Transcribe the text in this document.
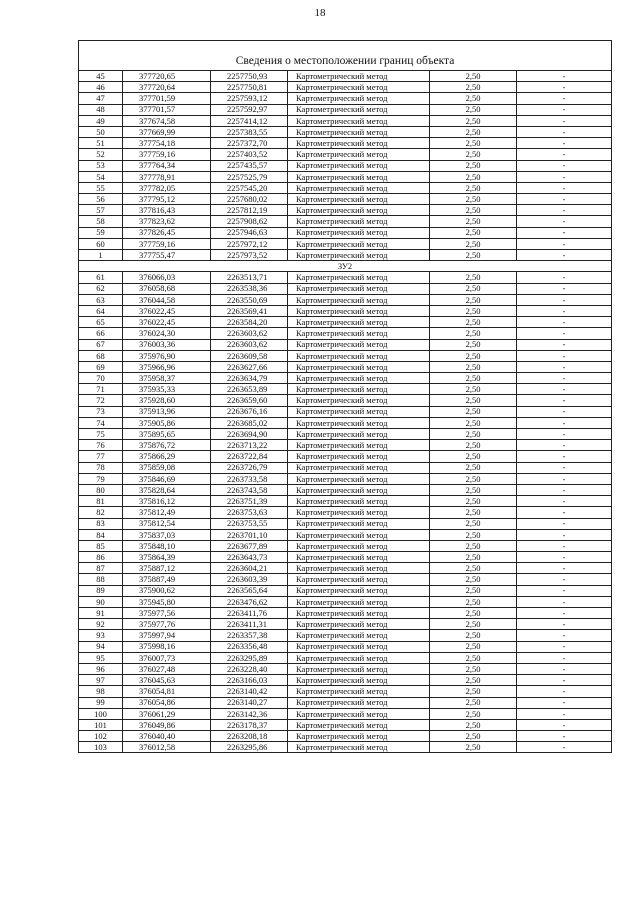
18

Сведения о местоположении границ объекта					
45	377720,65	2257750,93	Картометрический метод	2,50	-
46	377720,64	2257750,81	Картометрический метод	2,50	-
47	377701,59	2257593,12	Картометрический метод	2,50	-
48	377701,57	2257592,97	Картометрический метод	2,50	-
49	377674,58	2257414,12	Картометрический метод	2,50	-
50	377669,99	2257383,55	Картометрический метод	2,50	-
51	377754,18	2257372,70	Картометрический метод	2,50	-
52	377759,16	2257403,52	Картометрический метод	2,50	-
53	377764,34	2257435,57	Картометрический метод	2,50	-
54	377778,91	2257525,79	Картометрический метод	2,50	-
55	377782,05	2257545,20	Картометрический метод	2,50	-
56	377795,12	2257680,02	Картометрический метод	2,50	-
57	377816,43	2257812,19	Картометрический метод	2,50	-
58	377823,62	2257908,62	Картометрический метод	2,50	-
59	377826,45	2257946,63	Картометрический метод	2,50	-
60	377759,16	2257972,12	Картометрический метод	2,50	-
1	377755,47	2257973,52	Картометрический метод	2,50	-
ЗУ2					
61	376066,03	2263513,71	Картометрический метод	2,50	-
62	376058,68	2263538,36	Картометрический метод	2,50	-
63	376044,58	2263550,69	Картометрический метод	2,50	-
64	376022,45	2263569,41	Картометрический метод	2,50	-
65	376022,45	2263584,20	Картометрический метод	2,50	-
66	376024,30	2263603,62	Картометрический метод	2,50	-
67	376003,36	2263603,62	Картометрический метод	2,50	-
68	375976,90	2263609,58	Картометрический метод	2,50	-
69	375966,96	2263627,66	Картометрический метод	2,50	-
70	375958,37	2263634,79	Картометрический метод	2,50	-
71	375935,33	2263653,89	Картометрический метод	2,50	-
72	375928,60	2263659,60	Картометрический метод	2,50	-
73	375913,96	2263676,16	Картометрический метод	2,50	-
74	375905,86	2263685,02	Картометрический метод	2,50	-
75	375895,65	2263694,90	Картометрический метод	2,50	-
76	375876,72	2263713,22	Картометрический метод	2,50	-
77	375866,29	2263722,84	Картометрический метод	2,50	-
78	375859,08	2263726,79	Картометрический метод	2,50	-
79	375846,69	2263733,58	Картометрический метод	2,50	-
80	375828,64	2263743,58	Картометрический метод	2,50	-
81	375816,12	2263751,39	Картометрический метод	2,50	-
82	375812,49	2263753,63	Картометрический метод	2,50	-
83	375812,54	2263753,55	Картометрический метод	2,50	-
84	375837,03	2263701,10	Картометрический метод	2,50	-
85	375848,10	2263677,89	Картометрический метод	2,50	-
86	375864,39	2263643,73	Картометрический метод	2,50	-
87	375887,12	2263604,21	Картометрический метод	2,50	-
88	375887,49	2263603,39	Картометрический метод	2,50	-
89	375900,62	2263565,64	Картометрический метод	2,50	-
90	375945,80	2263476,62	Картометрический метод	2,50	-
91	375977,56	2263411,76	Картометрический метод	2,50	-
92	375977,76	2263411,31	Картометрический метод	2,50	-
93	375997,94	2263357,38	Картометрический метод	2,50	-
94	375998,16	2263356,48	Картометрический метод	2,50	-
95	376007,73	2263295,89	Картометрический метод	2,50	-
96	376027,48	2263228,40	Картометрический метод	2,50	-
97	376045,63	2263166,03	Картометрический метод	2,50	-
98	376054,81	2263140,42	Картометрический метод	2,50	-
99	376054,86	2263140,27	Картометрический метод	2,50	-
100	376061,29	2263142,36	Картометрический метод	2,50	-
101	376049,86	2263178,37	Картометрический метод	2,50	-
102	376040,40	2263208,18	Картометрический метод	2,50	-
103	376012,58	2263295,86	Картометрический метод	2,50	-
